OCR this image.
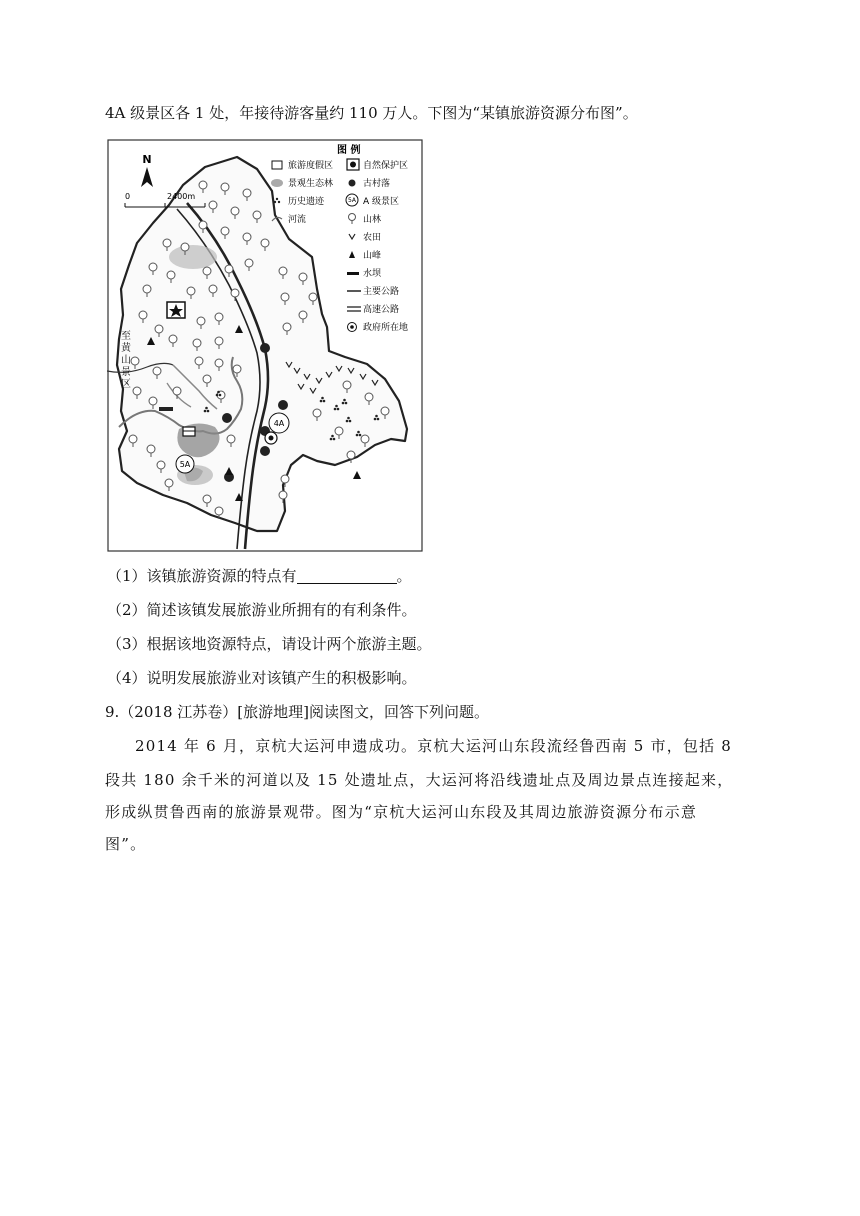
4A 级景区各 1 处，年接待游客量约 110 万人。下图为“某镇旅游资源分布图”。
5A
4A
N
0	2400m
至黄山景区
图 例
旅游度假区	自然保护区
景观生态林	古村落
历史遗迹	5A A 级景区
河流	山林
农田
山峰
水坝
主要公路
高速公路
政府所在地
（1）该镇旅游资源的特点有	。
（2）简述该镇发展旅游业所拥有的有利条件。
（3）根据该地资源特点，请设计两个旅游主题。
（4）说明发展旅游业对该镇产生的积极影响。
9.（2018 江苏卷）[旅游地理]阅读图文，回答下列问题。
2014 年 6 月，京杭大运河申遗成功。京杭大运河山东段流经鲁西南 5 市，包括 8
段共 180 余千米的河道以及 15 处遗址点，大运河将沿线遗址点及周边景点连接起来，
形成纵贯鲁西南的旅游景观带。图为“京杭大运河山东段及其周边旅游资源分布示意
图”。
